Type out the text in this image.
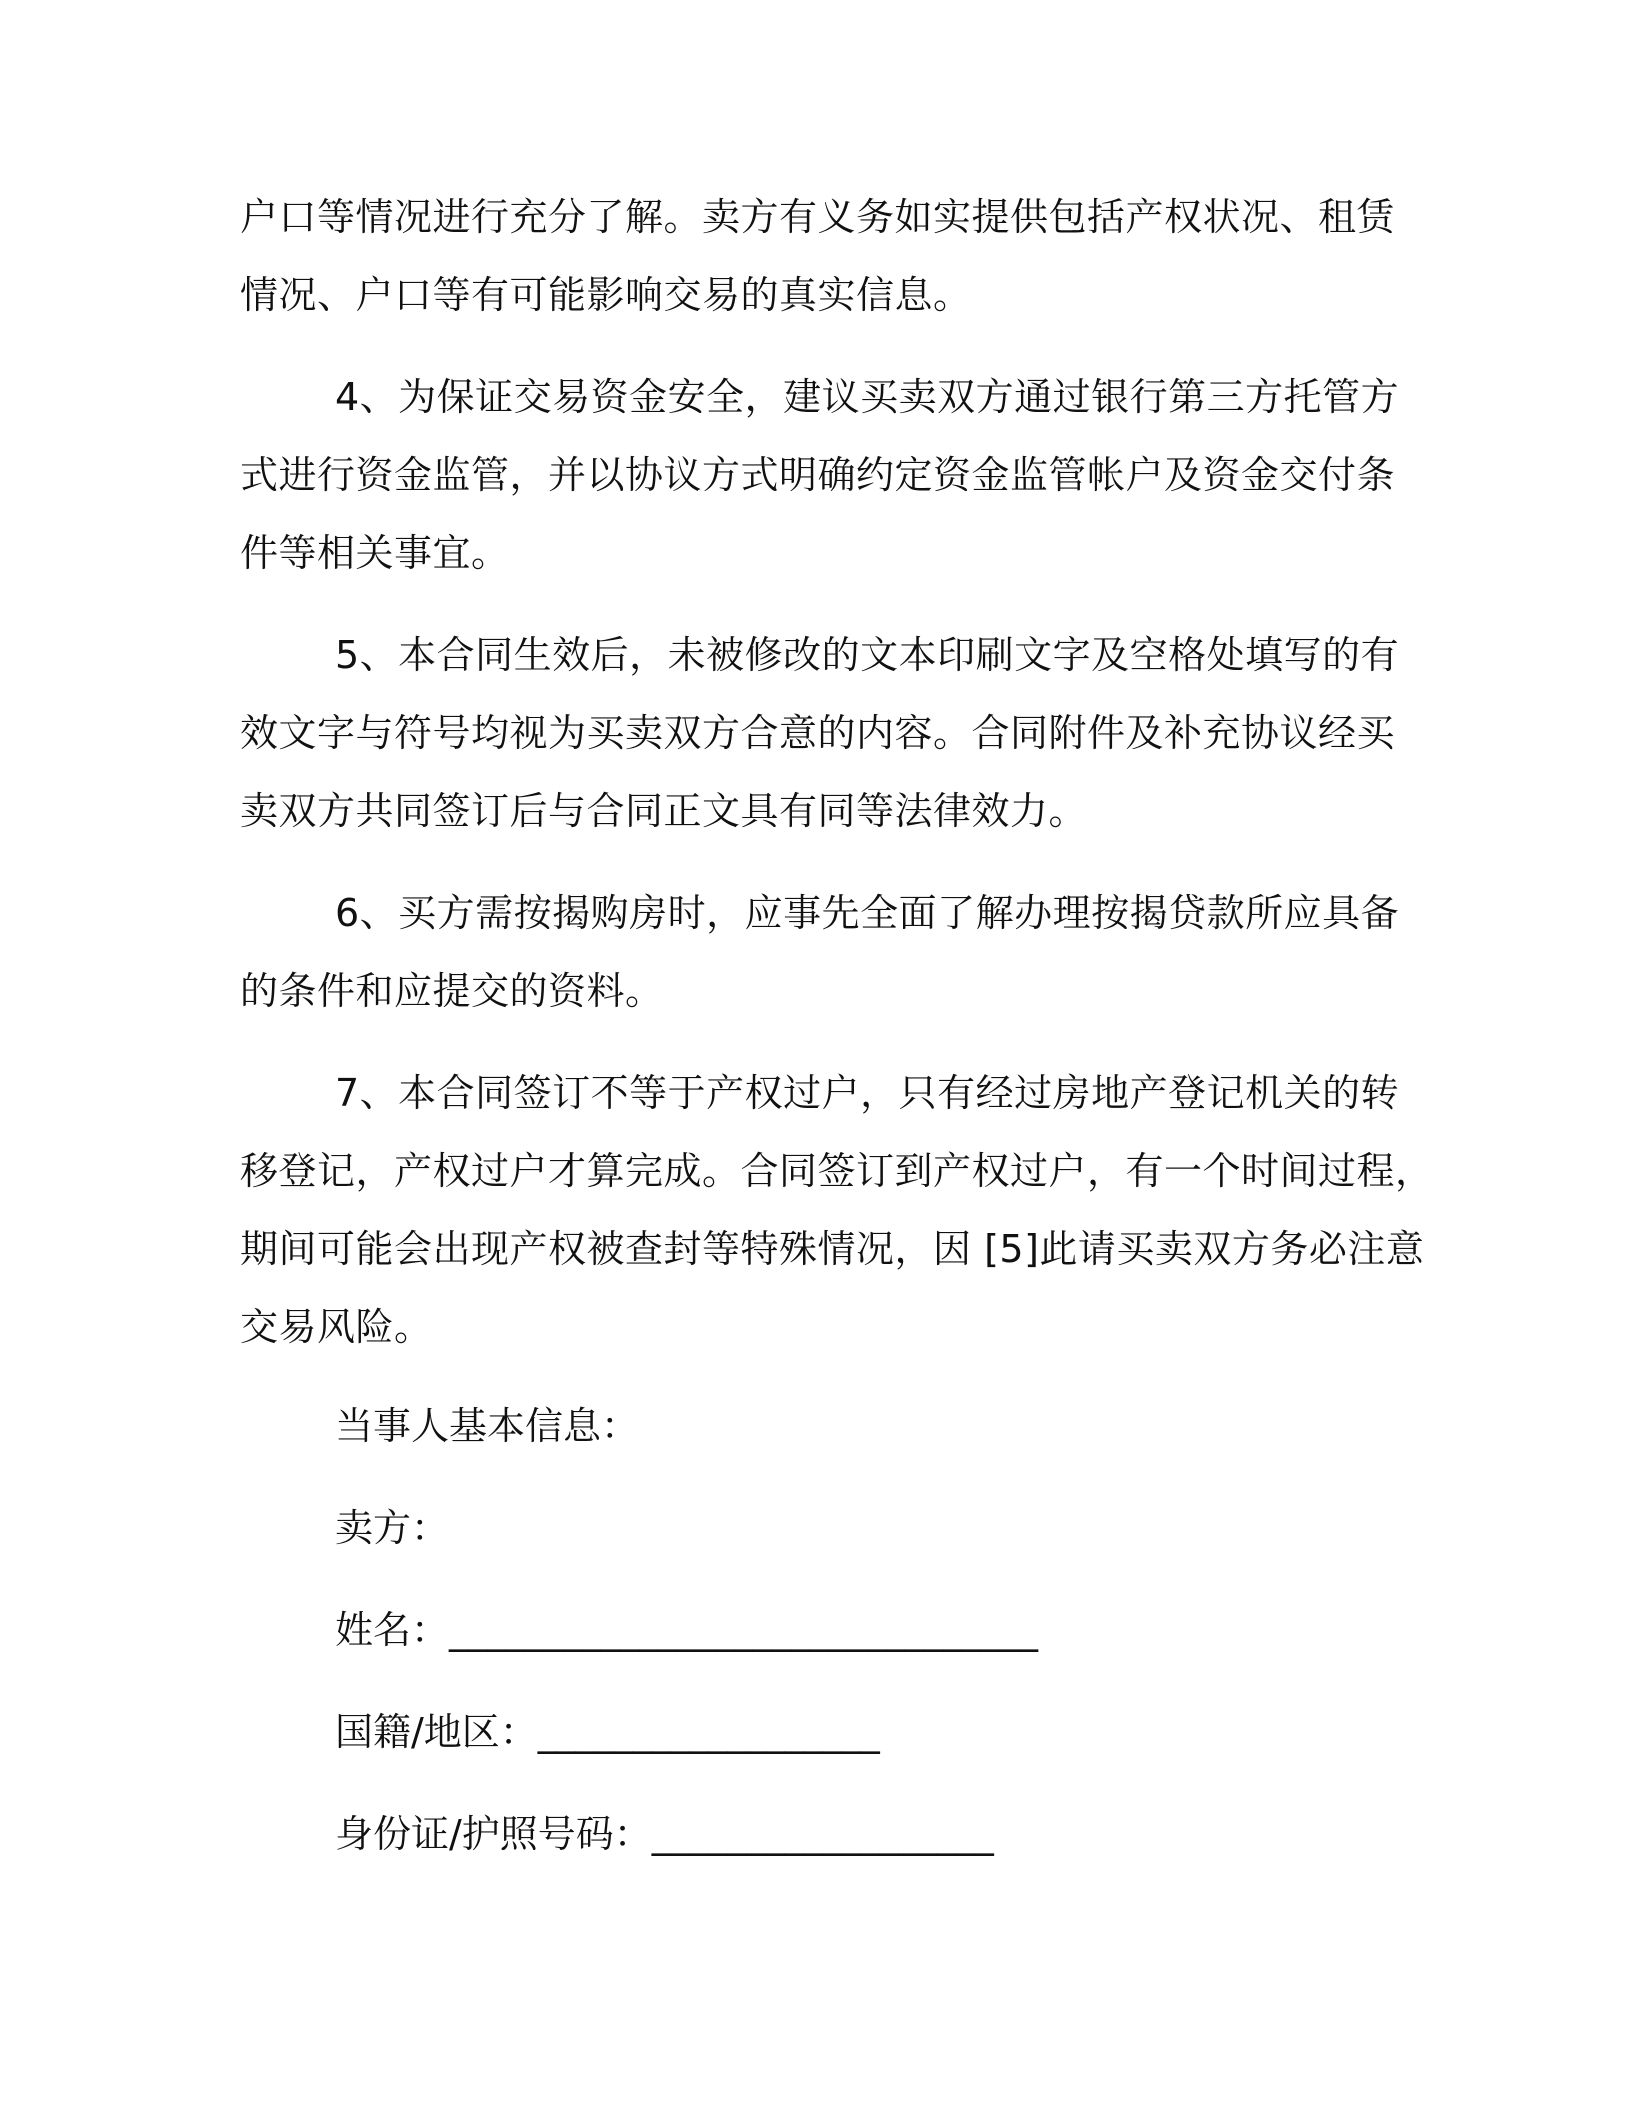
户口等情况进行充分了解。卖方有义务如实提供包括产权状况、租赁
情况、户口等有可能影响交易的真实信息。
4、为保证交易资金安全，建议买卖双方通过银行第三方托管方
式进行资金监管，并以协议方式明确约定资金监管帐户及资金交付条
件等相关事宜。
5、本合同生效后，未被修改的文本印刷文字及空格处填写的有
效文字与符号均视为买卖双方合意的内容。合同附件及补充协议经买
卖双方共同签订后与合同正文具有同等法律效力。
6、买方需按揭购房时，应事先全面了解办理按揭贷款所应具备
的条件和应提交的资料。
7、本合同签订不等于产权过户，只有经过房地产登记机关的转
移登记，产权过户才算完成。合同签订到产权过户，有一个时间过程，
期间可能会出现产权被查封等特殊情况，因 [5]此请买卖双方务必注意
交易风险。
当事人基本信息：
卖方：
姓名：_______________________________
国籍/地区：__________________
身份证/护照号码：__________________
